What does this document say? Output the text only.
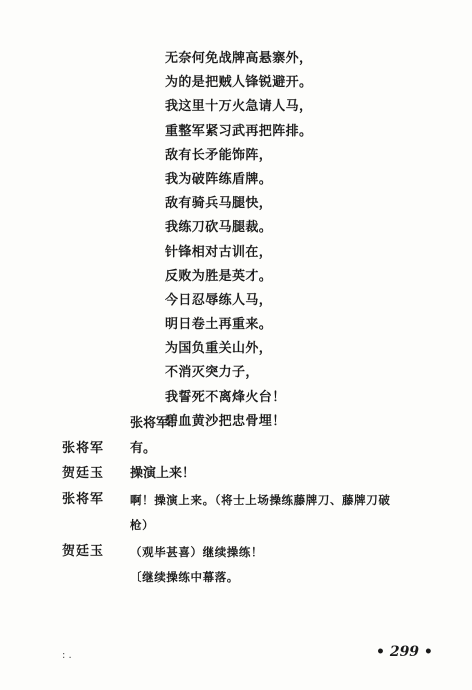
无奈何免战牌高悬寨外，
为的是把贼人锋锐避开。
我这里十万火急请人马，
重整军紧习武再把阵排。
敌有长矛能饰阵，
我为破阵练盾牌。
敌有骑兵马腿快，
我练刀砍马腿裁。
针锋相对古训在，
反败为胜是英才。
今日忍辱练人马，
明日卷土再重来。
为国负重关山外，
不消灭突力子，
我誓死不离烽火台！
碧血黄沙把忠骨埋！
张将军！
张将军 有。
贺廷玉 操演上来！
张将军 啊！操演上来。（将士上场操练藤牌刀、藤牌刀破
枪）
贺廷玉 （观毕甚喜）继续操练！
〔继续操练中幕落。
• 299 •
: .
